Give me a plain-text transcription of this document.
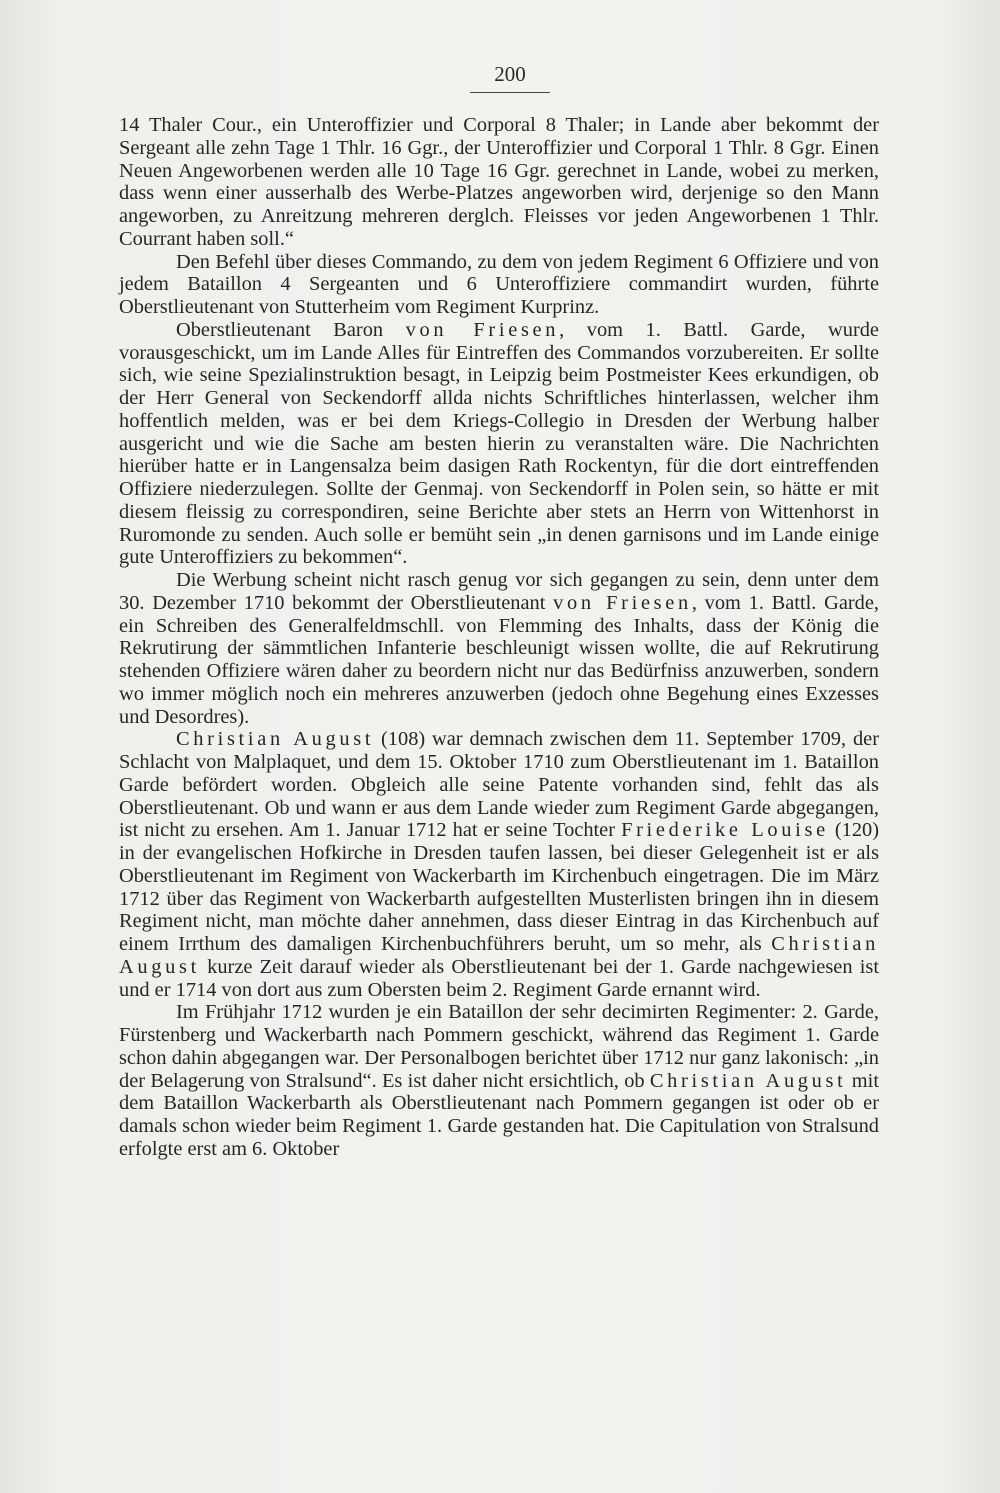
200

14 Thaler Cour., ein Unteroffizier und Corporal 8 Thaler; in Lande aber bekommt der Sergeant alle zehn Tage 1 Thlr. 16 Ggr., der Unteroffizier und Corporal 1 Thlr. 8 Ggr. Einen Neuen Angeworbenen werden alle 10 Tage 16 Ggr. gerechnet in Lande, wobei zu merken, dass wenn einer ausserhalb des Werbe-Platzes angeworben wird, derjenige so den Mann angeworben, zu Anreitzung mehreren derglch. Fleisses vor jeden Angeworbenen 1 Thlr. Courrant haben soll.“

Den Befehl über dieses Commando, zu dem von jedem Regiment 6 Offiziere und von jedem Bataillon 4 Sergeanten und 6 Unteroffiziere commandirt wurden, führte Oberstlieutenant von Stutterheim vom Regiment Kurprinz.

Oberstlieutenant Baron von Friesen, vom 1. Battl. Garde, wurde vorausgeschickt, um im Lande Alles für Eintreffen des Commandos vorzubereiten. Er sollte sich, wie seine Spezialinstruktion besagt, in Leipzig beim Postmeister Kees erkundigen, ob der Herr General von Seckendorff allda nichts Schriftliches hinterlassen, welcher ihm hoffentlich melden, was er bei dem Kriegs-Collegio in Dresden der Werbung halber ausgericht und wie die Sache am besten hierin zu veranstalten wäre. Die Nachrichten hierüber hatte er in Langensalza beim dasigen Rath Rockentyn, für die dort eintreffenden Offiziere niederzulegen. Sollte der Genmaj. von Seckendorff in Polen sein, so hätte er mit diesem fleissig zu correspondiren, seine Berichte aber stets an Herrn von Wittenhorst in Ruromonde zu senden. Auch solle er bemüht sein „in denen garnisons und im Lande einige gute Unteroffiziers zu bekommen“.

Die Werbung scheint nicht rasch genug vor sich gegangen zu sein, denn unter dem 30. Dezember 1710 bekommt der Oberstlieutenant von Friesen, vom 1. Battl. Garde, ein Schreiben des Generalfeldmschll. von Flemming des Inhalts, dass der König die Rekrutirung der sämmtlichen Infanterie beschleunigt wissen wollte, die auf Rekrutirung stehenden Offiziere wären daher zu beordern nicht nur das Bedürfniss anzuwerben, sondern wo immer möglich noch ein mehreres anzuwerben (jedoch ohne Begehung eines Exzesses und Desordres).

Christian August (108) war demnach zwischen dem 11. September 1709, der Schlacht von Malplaquet, und dem 15. Oktober 1710 zum Oberstlieutenant im 1. Bataillon Garde befördert worden. Obgleich alle seine Patente vorhanden sind, fehlt das als Oberstlieutenant. Ob und wann er aus dem Lande wieder zum Regiment Garde abgegangen, ist nicht zu ersehen. Am 1. Januar 1712 hat er seine Tochter Friederike Louise (120) in der evangelischen Hofkirche in Dresden taufen lassen, bei dieser Gelegenheit ist er als Oberstlieutenant im Regiment von Wackerbarth im Kirchenbuch eingetragen. Die im März 1712 über das Regiment von Wackerbarth aufgestellten Musterlisten bringen ihn in diesem Regiment nicht, man möchte daher annehmen, dass dieser Eintrag in das Kirchenbuch auf einem Irrthum des damaligen Kirchenbuchführers beruht, um so mehr, als Christian August kurze Zeit darauf wieder als Oberstlieutenant bei der 1. Garde nachgewiesen ist und er 1714 von dort aus zum Obersten beim 2. Regiment Garde ernannt wird.

Im Frühjahr 1712 wurden je ein Bataillon der sehr decimirten Regimenter: 2. Garde, Fürstenberg und Wackerbarth nach Pommern geschickt, während das Regiment 1. Garde schon dahin abgegangen war. Der Personalbogen berichtet über 1712 nur ganz lakonisch: „in der Belagerung von Stralsund“. Es ist daher nicht ersichtlich, ob Christian August mit dem Bataillon Wackerbarth als Oberstlieutenant nach Pommern gegangen ist oder ob er damals schon wieder beim Regiment 1. Garde gestanden hat. Die Capitulation von Stralsund erfolgte erst am 6. Oktober
